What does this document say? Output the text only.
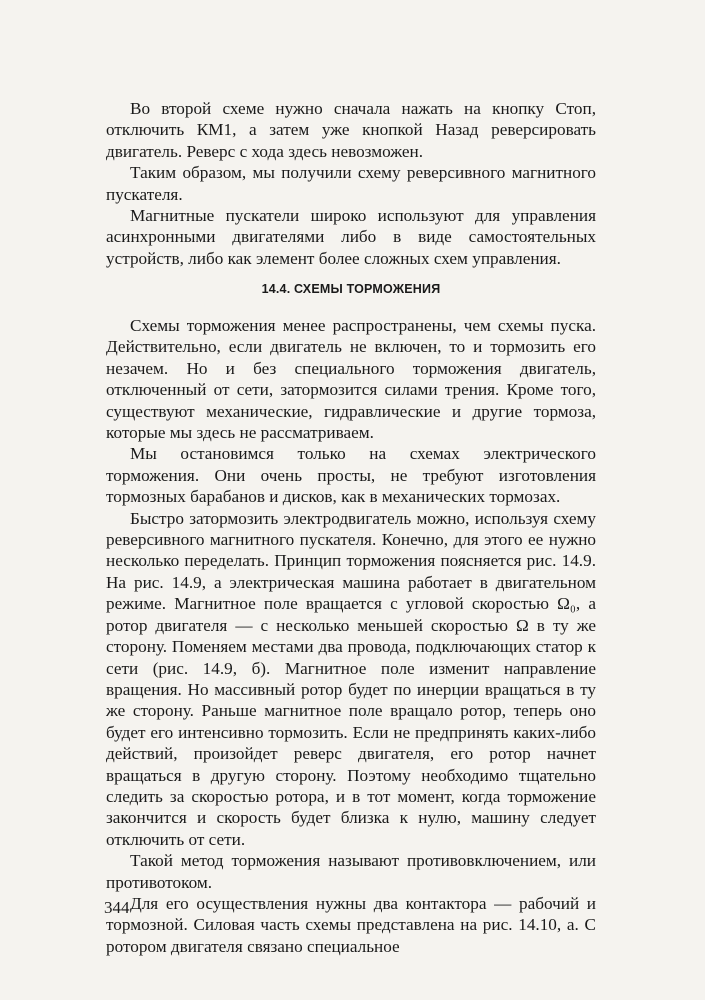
Во второй схеме нужно сначала нажать на кнопку Стоп, отключить КМ1, а затем уже кнопкой Назад реверсировать двигатель. Реверс с хода здесь невозможен.

Таким образом, мы получили схему реверсивного магнитного пускателя.

Магнитные пускатели широко используют для управления асинхронными двигателями либо в виде самостоятельных устройств, либо как элемент более сложных схем управления.

14.4. СХЕМЫ ТОРМОЖЕНИЯ

Схемы торможения менее распространены, чем схемы пуска. Действительно, если двигатель не включен, то и тормозить его незачем. Но и без специального торможения двигатель, отключенный от сети, затормозится силами трения. Кроме того, существуют механические, гидравлические и другие тормоза, которые мы здесь не рассматриваем.

Мы остановимся только на схемах электрического торможения. Они очень просты, не требуют изготовления тормозных барабанов и дисков, как в механических тормозах.

Быстро затормозить электродвигатель можно, используя схему реверсивного магнитного пускателя. Конечно, для этого ее нужно несколько переделать. Принцип торможения поясняется рис. 14.9. На рис. 14.9, а электрическая машина работает в двигательном режиме. Магнитное поле вращается с угловой скоростью Ω₀, а ротор двигателя — с несколько меньшей скоростью Ω в ту же сторону. Поменяем местами два провода, подключающих статор к сети (рис. 14.9, б). Магнитное поле изменит направление вращения. Но массивный ротор будет по инерции вращаться в ту же сторону. Раньше магнитное поле вращало ротор, теперь оно будет его интенсивно тормозить. Если не предпринять каких-либо действий, произойдет реверс двигателя, его ротор начнет вращаться в другую сторону. Поэтому необходимо тщательно следить за скоростью ротора, и в тот момент, когда торможение закончится и скорость будет близка к нулю, машину следует отключить от сети.

Такой метод торможения называют противовключением, или противотоком.

Для его осуществления нужны два контактора — рабочий и тормозной. Силовая часть схемы представлена на рис. 14.10, а. С ротором двигателя связано специальное

344
